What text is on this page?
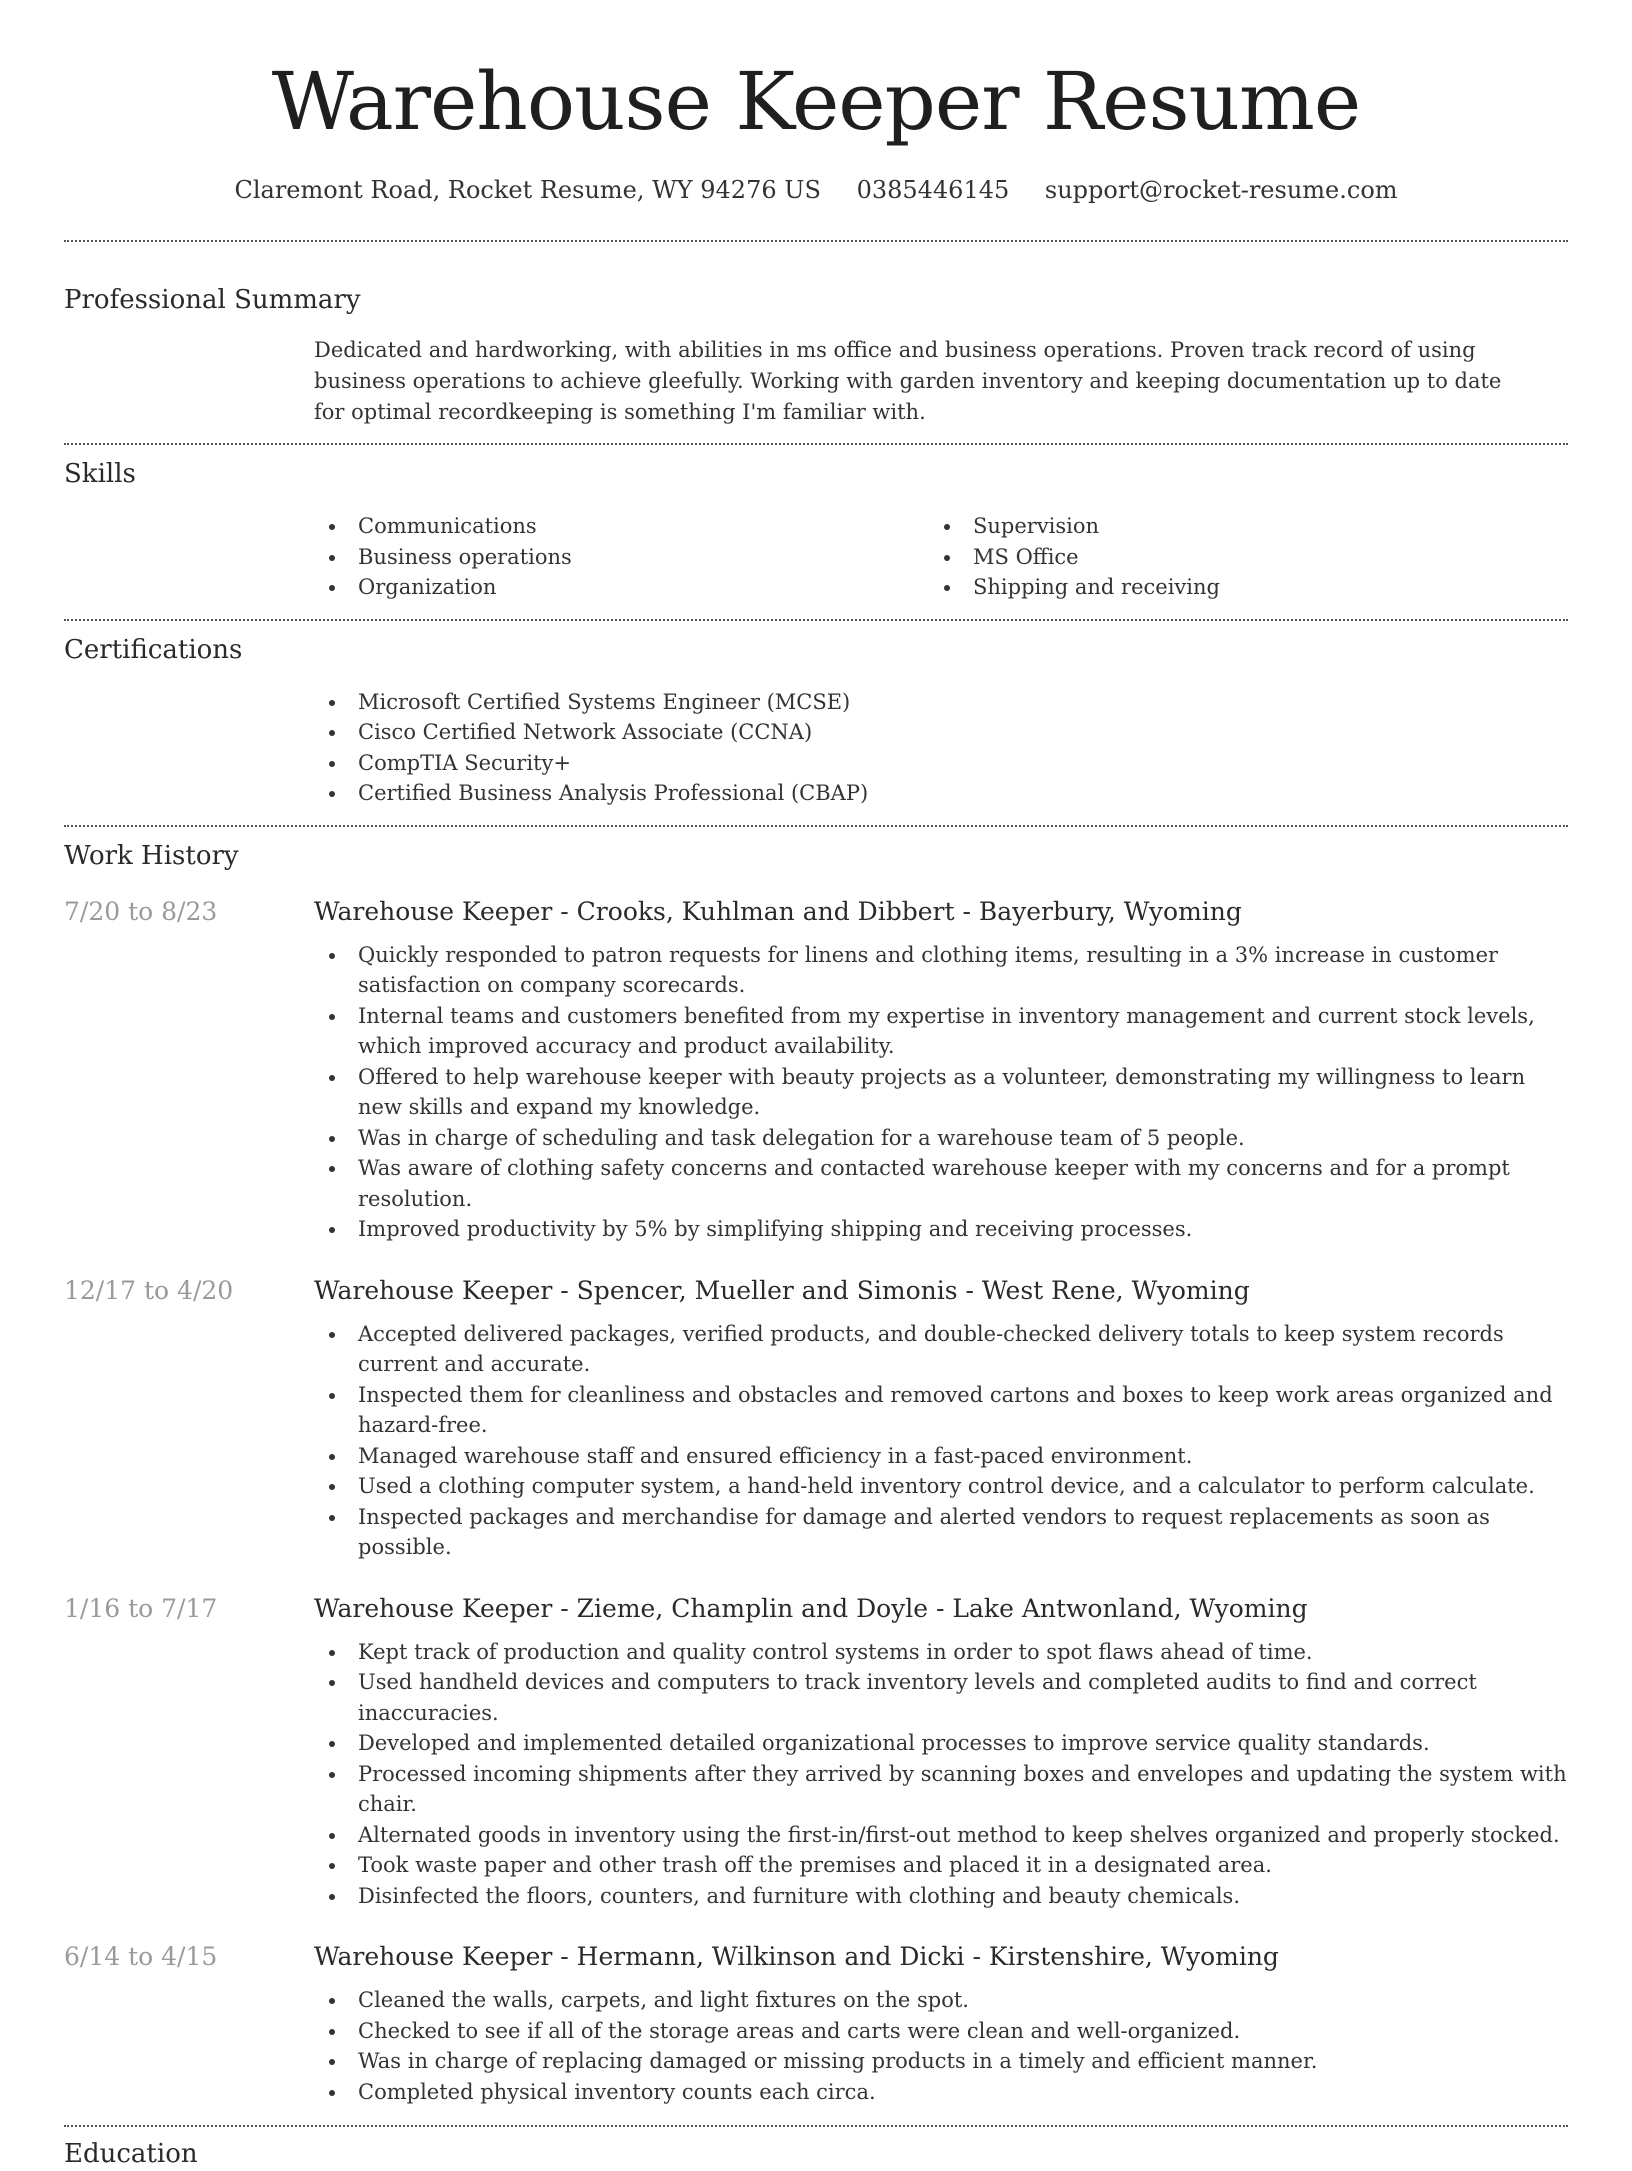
Warehouse Keeper Resume
Claremont Road, Rocket Resume, WY 94276 US 0385446145 support@rocket-resume.com
Professional Summary
Dedicated and hardworking, with abilities in ms office and business operations. Proven track record of using business operations to achieve gleefully. Working with garden inventory and keeping documentation up to date for optimal recordkeeping is something I'm familiar with.
Skills
Communications
Business operations
Organization
Supervision
MS Office
Shipping and receiving
Certifications
Microsoft Certified Systems Engineer (MCSE)
Cisco Certified Network Associate (CCNA)
CompTIA Security+
Certified Business Analysis Professional (CBAP)
Work History
7/20 to 8/23	Warehouse Keeper - Crooks, Kuhlman and Dibbert - Bayerbury, Wyoming
Quickly responded to patron requests for linens and clothing items, resulting in a 3% increase in customer satisfaction on company scorecards.
Internal teams and customers benefited from my expertise in inventory management and current stock levels, which improved accuracy and product availability.
Offered to help warehouse keeper with beauty projects as a volunteer, demonstrating my willingness to learn new skills and expand my knowledge.
Was in charge of scheduling and task delegation for a warehouse team of 5 people.
Was aware of clothing safety concerns and contacted warehouse keeper with my concerns and for a prompt resolution.
Improved productivity by 5% by simplifying shipping and receiving processes.
12/17 to 4/20	Warehouse Keeper - Spencer, Mueller and Simonis - West Rene, Wyoming
Accepted delivered packages, verified products, and double-checked delivery totals to keep system records current and accurate.
Inspected them for cleanliness and obstacles and removed cartons and boxes to keep work areas organized and hazard-free.
Managed warehouse staff and ensured efficiency in a fast-paced environment.
Used a clothing computer system, a hand-held inventory control device, and a calculator to perform calculate.
Inspected packages and merchandise for damage and alerted vendors to request replacements as soon as possible.
1/16 to 7/17	Warehouse Keeper - Zieme, Champlin and Doyle - Lake Antwonland, Wyoming
Kept track of production and quality control systems in order to spot flaws ahead of time.
Used handheld devices and computers to track inventory levels and completed audits to find and correct inaccuracies.
Developed and implemented detailed organizational processes to improve service quality standards.
Processed incoming shipments after they arrived by scanning boxes and envelopes and updating the system with chair.
Alternated goods in inventory using the first-in/first-out method to keep shelves organized and properly stocked.
Took waste paper and other trash off the premises and placed it in a designated area.
Disinfected the floors, counters, and furniture with clothing and beauty chemicals.
6/14 to 4/15	Warehouse Keeper - Hermann, Wilkinson and Dicki - Kirstenshire, Wyoming
Cleaned the walls, carpets, and light fixtures on the spot.
Checked to see if all of the storage areas and carts were clean and well-organized.
Was in charge of replacing damaged or missing products in a timely and efficient manner.
Completed physical inventory counts each circa.
Education
